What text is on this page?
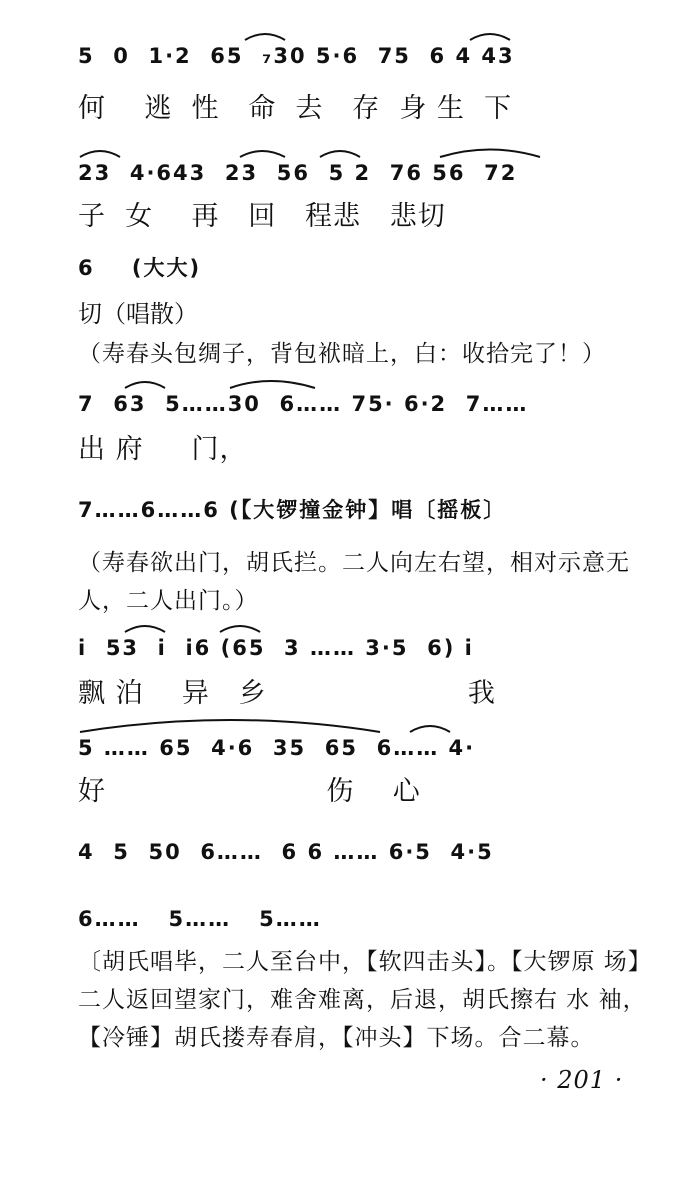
5  0  1·2  65  ₇30 5·6  75  6 4 43
何    逃  性   命  去   存  身 生  下
23  4·643  23  56  5 2  76 56  72
子  女    再   回   程悲   悲切
6    (大大)
切（唱散）
（寿春头包绸子，背包袱暗上，白：收拾完了！）
7  63  5……30  6…… 75· 6·2  7……
出 府     门，
7……6……6 (【大锣撞金钟】唱〔摇板〕
（寿春欲出门，胡氏拦。二人向左右望，相对示意无人，二人出门。）
i  53  i  i6 (65  3 …… 3·5  6) i
飘 泊    异   乡                     我
5 …… 65  4·6  35  65  6…… 4·
好                       伤    心
4  5  50  6……  6 6 …… 6·5  4·5
6……   5……   5……
〔胡氏唱毕，二人至台中，【软四击头】。【大锣原 场】二人返回望家门，难舍难离，后退，胡氏擦右 水 袖，【冷锤】胡氏搂寿春肩，【冲头】下场。合二幕。
· 201 ·
